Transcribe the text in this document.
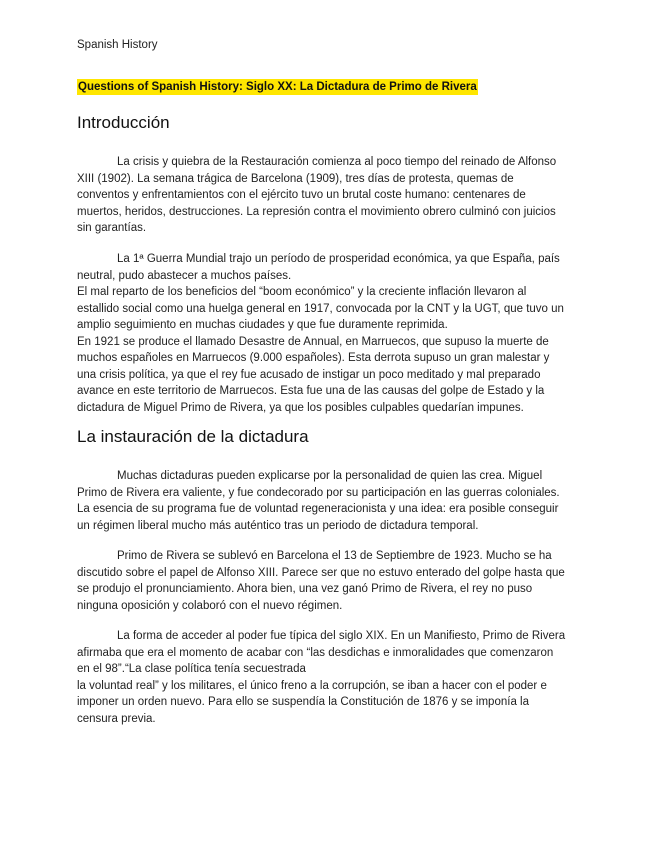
Spanish History
Questions of Spanish History: Siglo XX: La Dictadura de Primo de Rivera
Introducción
La crisis y quiebra de la Restauración comienza al poco tiempo del reinado de Alfonso
XIII (1902). La semana trágica de Barcelona (1909), tres días de protesta, quemas de
conventos y enfrentamientos con el ejército tuvo un brutal coste humano: centenares de
muertos, heridos, destrucciones. La represión contra el movimiento obrero culminó con juicios
sin garantías.
La 1ª Guerra Mundial trajo un período de prosperidad económica, ya que España, país
neutral, pudo abastecer a muchos países.
El mal reparto de los beneficios del “boom económico” y la creciente inflación llevaron al
estallido social como una huelga general en 1917, convocada por la CNT y la UGT, que tuvo un
amplio seguimiento en muchas ciudades y que fue duramente reprimida.
En 1921 se produce el llamado Desastre de Annual, en Marruecos, que supuso la muerte de
muchos españoles en Marruecos (9.000 españoles). Esta derrota supuso un gran malestar y
una crisis política, ya que el rey fue acusado de instigar un poco meditado y mal preparado
avance en este territorio de Marruecos. Esta fue una de las causas del golpe de Estado y la
dictadura de Miguel Primo de Rivera, ya que los posibles culpables quedarían impunes.
La instauración de la dictadura
Muchas dictaduras pueden explicarse por la personalidad de quien las crea. Miguel
Primo de Rivera era valiente, y fue condecorado por su participación en las guerras coloniales.
La esencia de su programa fue de voluntad regeneracionista y una idea: era posible conseguir
un régimen liberal mucho más auténtico tras un periodo de dictadura temporal.
Primo de Rivera se sublevó en Barcelona el 13 de Septiembre de 1923. Mucho se ha
discutido sobre el papel de Alfonso XIII. Parece ser que no estuvo enterado del golpe hasta que
se produjo el pronunciamiento. Ahora bien, una vez ganó Primo de Rivera, el rey no puso
ninguna oposición y colaboró con el nuevo régimen.
La forma de acceder al poder fue típica del siglo XIX. En un Manifiesto, Primo de Rivera
afirmaba que era el momento de acabar con “las desdichas e inmoralidades que comenzaron
en el 98”.“La clase política tenía secuestrada
la voluntad real” y los militares, el único freno a la corrupción, se iban a hacer con el poder e
imponer un orden nuevo. Para ello se suspendía la Constitución de 1876 y se imponía la
censura previa.
